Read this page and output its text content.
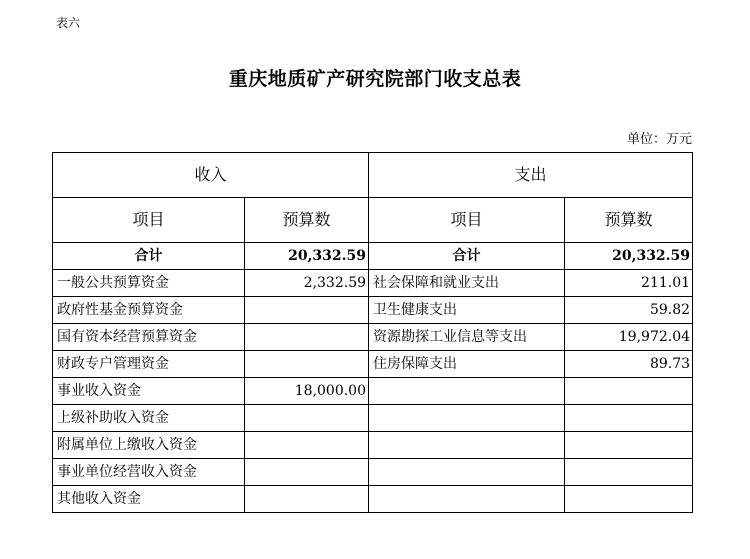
表六
重庆地质矿产研究院部门收支总表
单位：万元
收入		支出	
项目	预算数	项目	预算数
合计	20,332.59	合计	20,332.59
一般公共预算资金	2,332.59	社会保障和就业支出	211.01
政府性基金预算资金		卫生健康支出	59.82
国有资本经营预算资金		资源勘探工业信息等支出	19,972.04
财政专户管理资金		住房保障支出	89.73
事业收入资金	18,000.00		
上级补助收入资金			
附属单位上缴收入资金			
事业单位经营收入资金			
其他收入资金			
